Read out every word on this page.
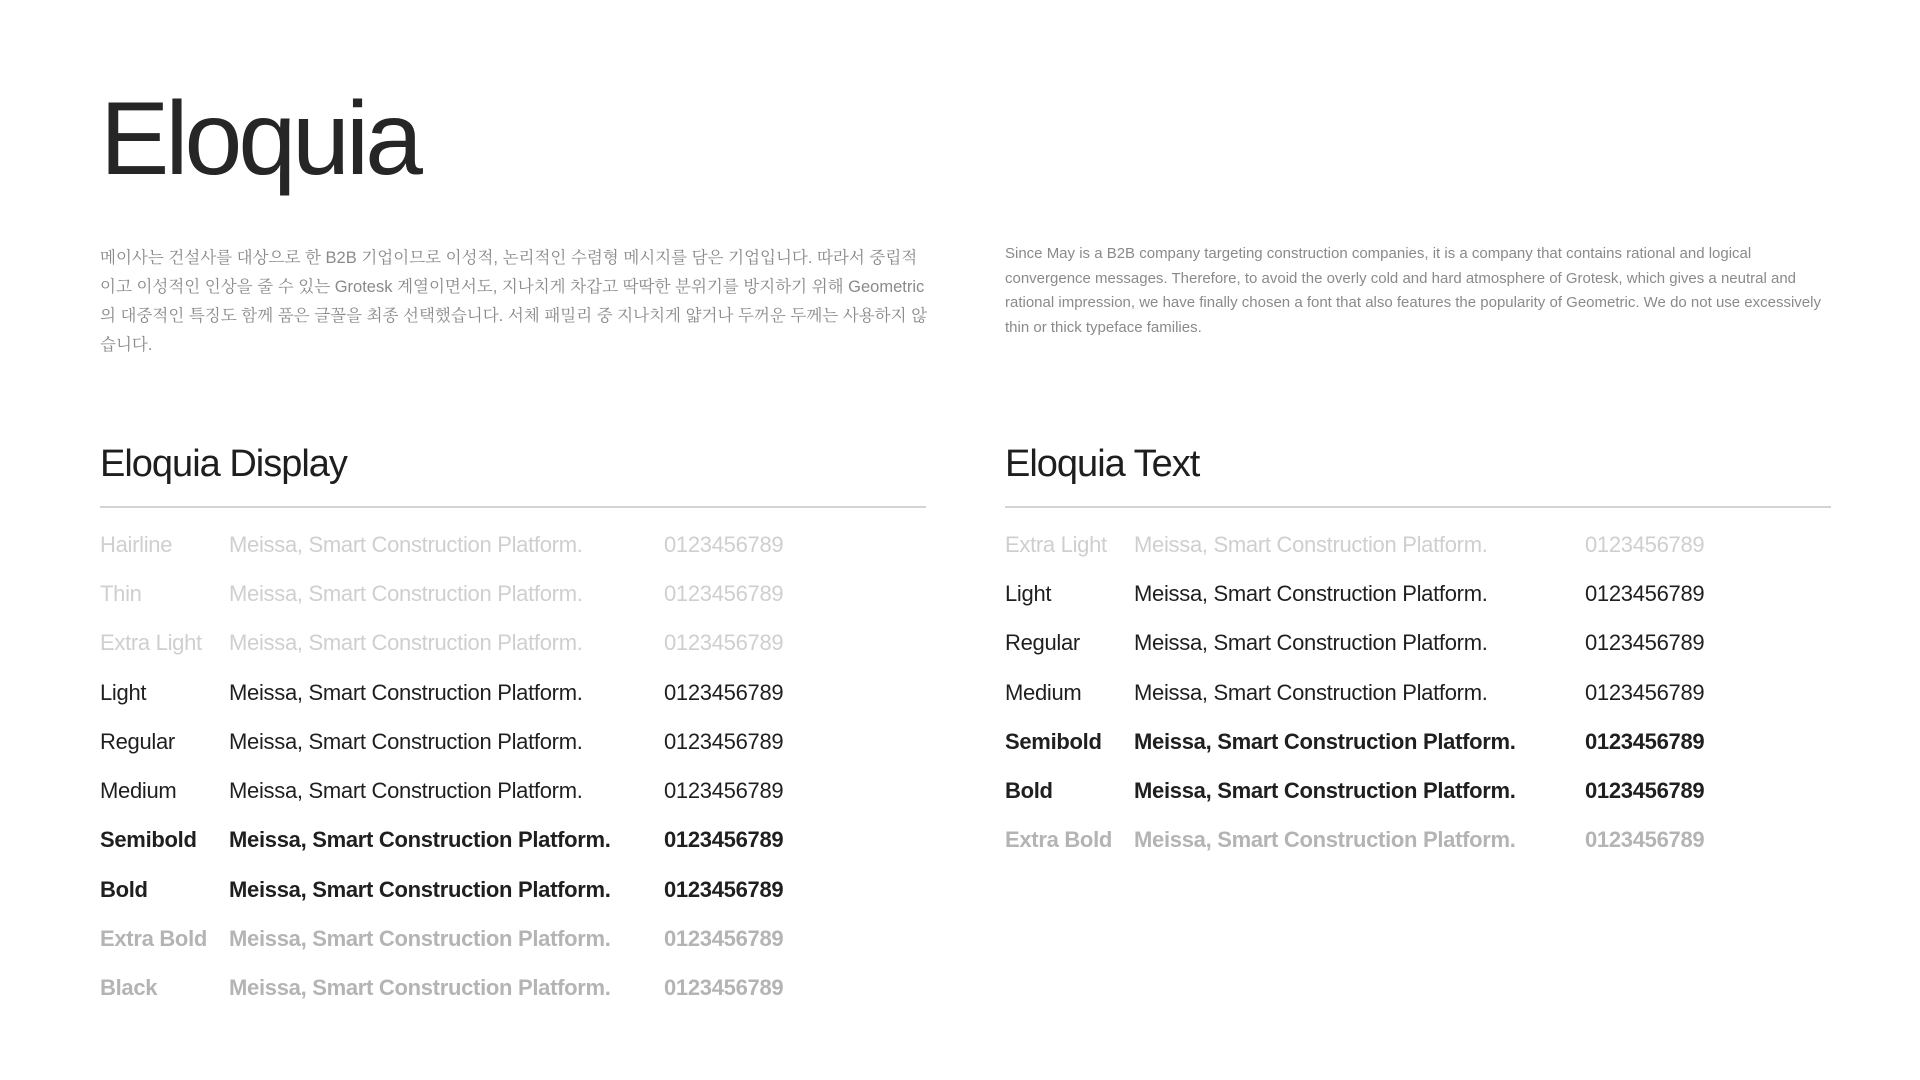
Eloquia

메이사는 건설사를 대상으로 한 B2B 기업이므로 이성적, 논리적인 수렴형 메시지를 담은 기업입니다. 따라서 중립적이고 이성적인 인상을 줄 수 있는 Grotesk 계열이면서도, 지나치게 차갑고 딱딱한 분위기를 방지하기 위해 Geometric의 대중적인 특징도 함께 품은 글꼴을 최종 선택했습니다. 서체 패밀리 중 지나치게 얇거나 두꺼운 두께는 사용하지 않습니다.

Since May is a B2B company targeting construction companies, it is a company that contains rational and logical convergence messages. Therefore, to avoid the overly cold and hard atmosphere of Grotesk, which gives a neutral and rational impression, we have finally chosen a font that also features the popularity of Geometric. We do not use excessively thin or thick typeface families.

Eloquia Display
Hairline	Meissa, Smart Construction Platform.	0123456789
Thin	Meissa, Smart Construction Platform.	0123456789
Extra Light	Meissa, Smart Construction Platform.	0123456789
Light	Meissa, Smart Construction Platform.	0123456789
Regular	Meissa, Smart Construction Platform.	0123456789
Medium	Meissa, Smart Construction Platform.	0123456789
Semibold	Meissa, Smart Construction Platform.	0123456789
Bold	Meissa, Smart Construction Platform.	0123456789
Extra Bold Meissa, Smart Construction Platform.	0123456789
Black	Meissa, Smart Construction Platform.	0123456789
Eloquia Text
Extra Light	Meissa, Smart Construction Platform.	0123456789
Light	Meissa, Smart Construction Platform.	0123456789
Regular	Meissa, Smart Construction Platform.	0123456789
Medium	Meissa, Smart Construction Platform.	0123456789
Semibold	Meissa, Smart Construction Platform.	0123456789
Bold	Meissa, Smart Construction Platform.	0123456789
Extra Bold Meissa, Smart Construction Platform.	0123456789
